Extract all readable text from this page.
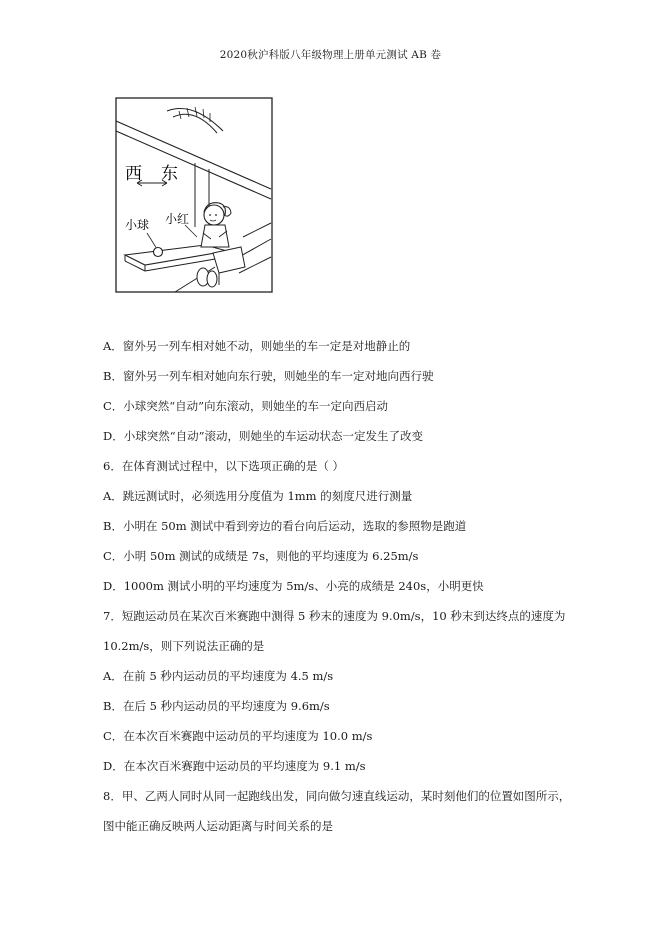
2020秋沪科版八年级物理上册单元测试 AB 卷
西 东
小球 小红
A．窗外另一列车相对她不动，则她坐的车一定是对地静止的
B．窗外另一列车相对她向东行驶，则她坐的车一定对地向西行驶
C．小球突然“自动”向东滚动，则她坐的车一定向西启动
D．小球突然“自动”滚动，则她坐的车运动状态一定发生了改变
6．在体育测试过程中，以下选项正确的是（ ）
A．跳远测试时，必须选用分度值为 1mm 的刻度尺进行测量
B．小明在 50m 测试中看到旁边的看台向后运动，选取的参照物是跑道
C．小明 50m 测试的成绩是 7s，则他的平均速度为 6.25m/s
D．1000m 测试小明的平均速度为 5m/s、小亮的成绩是 240s，小明更快
7．短跑运动员在某次百米赛跑中测得 5 秒末的速度为 9.0m/s，10 秒末到达终点的速度为
10.2m/s，则下列说法正确的是
A．在前 5 秒内运动员的平均速度为 4.5 m/s
B．在后 5 秒内运动员的平均速度为 9.6m/s
C．在本次百米赛跑中运动员的平均速度为 10.0 m/s
D．在本次百米赛跑中运动员的平均速度为 9.1 m/s
8．甲、乙两人同时从同一起跑线出发，同向做匀速直线运动，某时刻他们的位置如图所示，
图中能正确反映两人运动距离与时间关系的是
